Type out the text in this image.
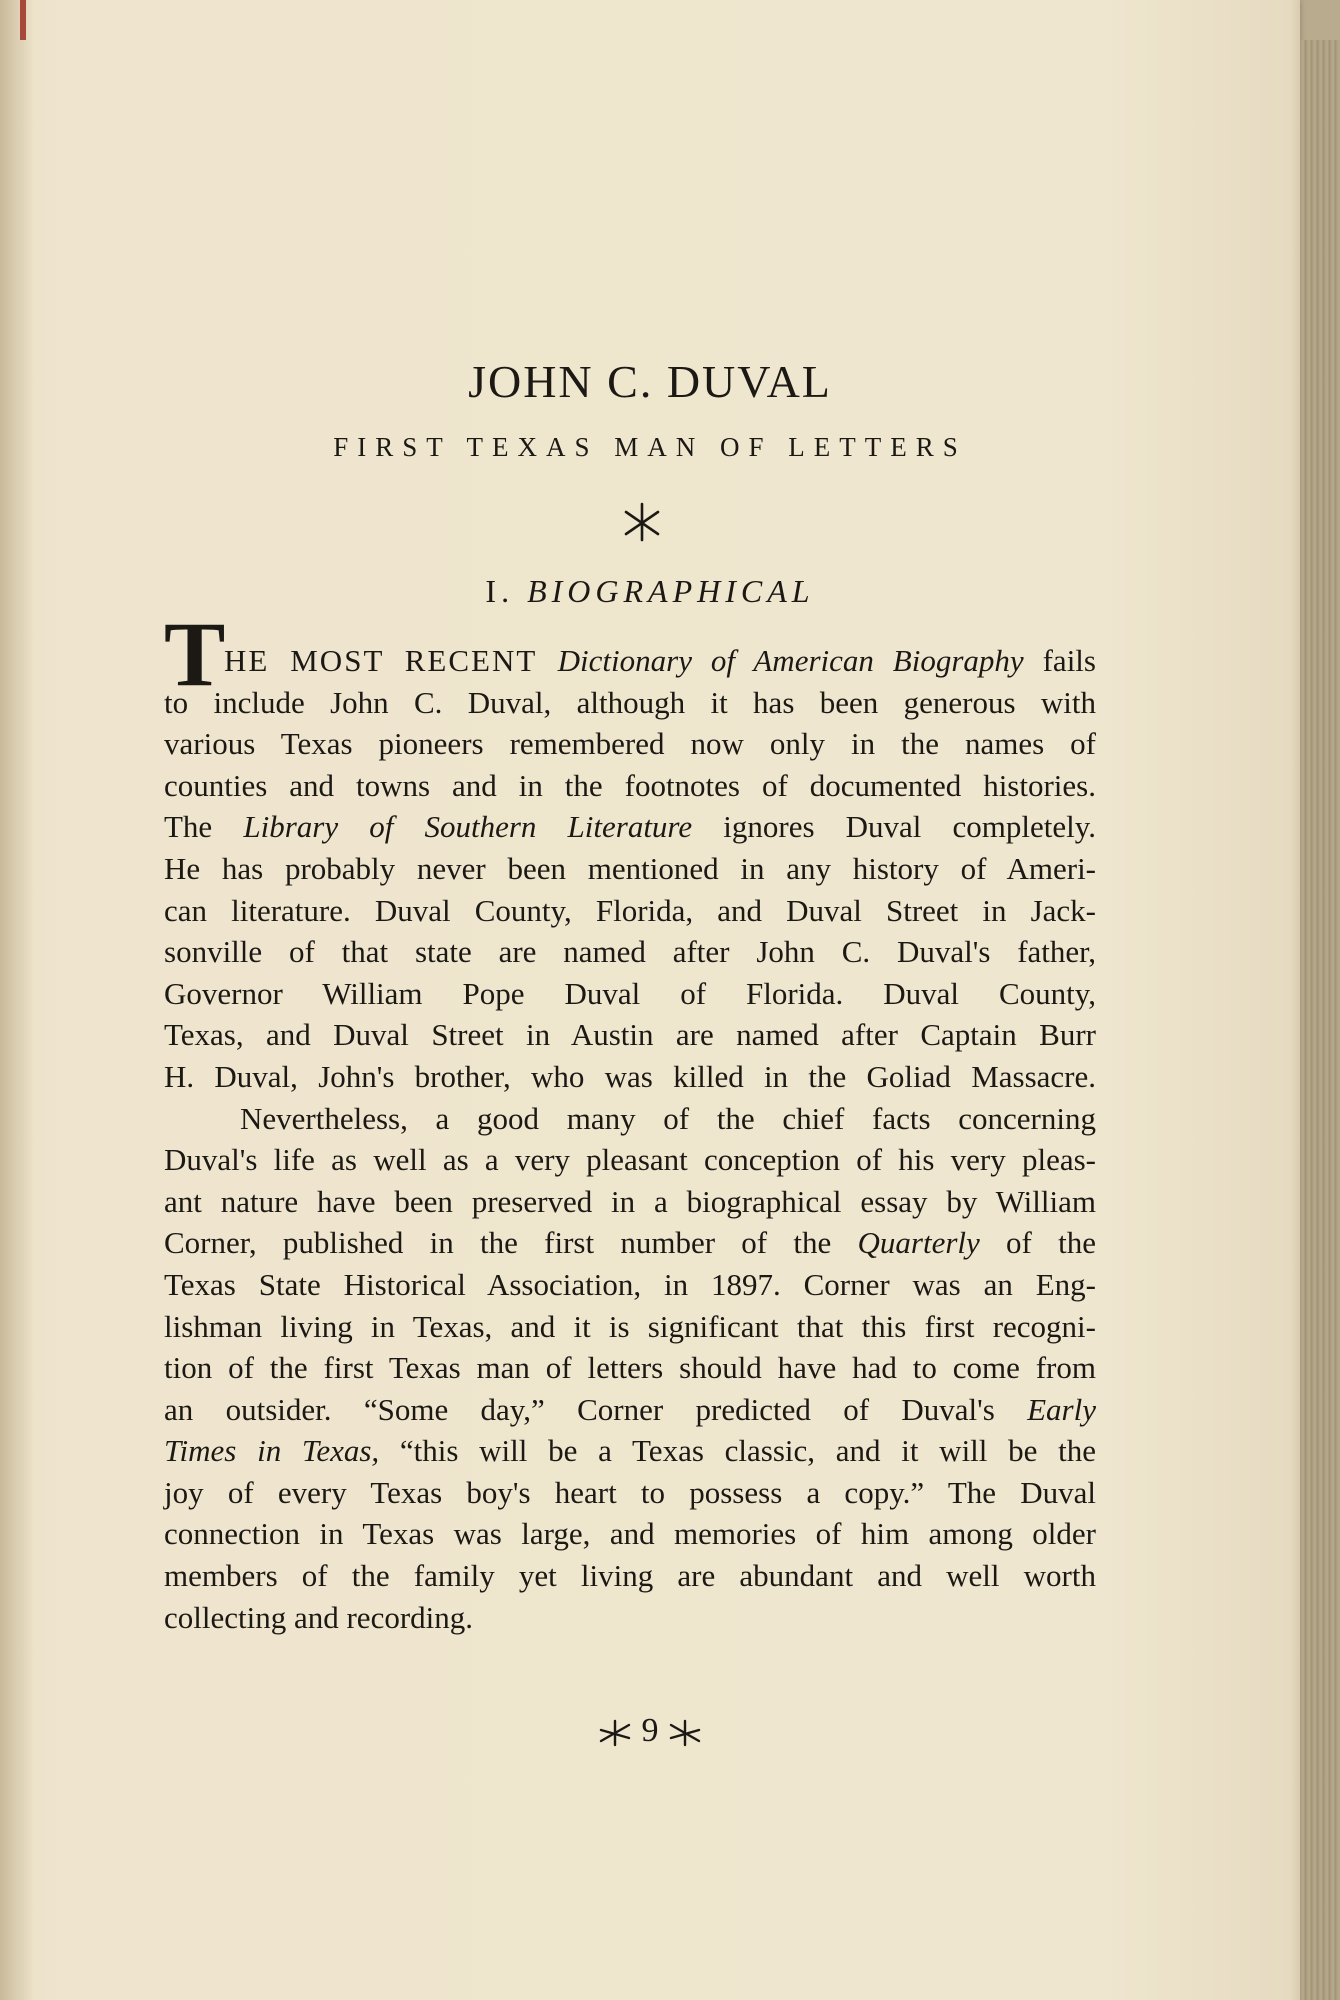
JOHN C. DUVAL
FIRST TEXAS MAN OF LETTERS
I. BIOGRAPHICAL
T
HE MOST RECENT Dictionary of American Biography fails
to include John C. Duval, although it has been generous with
various Texas pioneers remembered now only in the names of
counties and towns and in the footnotes of documented histories.
The Library of Southern Literature ignores Duval completely.
He has probably never been mentioned in any history of Ameri-
can literature. Duval County, Florida, and Duval Street in Jack-
sonville of that state are named after John C. Duval's father,
Governor William Pope Duval of Florida. Duval County,
Texas, and Duval Street in Austin are named after Captain Burr
H. Duval, John's brother, who was killed in the Goliad Massacre.
Nevertheless, a good many of the chief facts concerning
Duval's life as well as a very pleasant conception of his very pleas-
ant nature have been preserved in a biographical essay by William
Corner, published in the first number of the Quarterly of the
Texas State Historical Association, in 1897. Corner was an Eng-
lishman living in Texas, and it is significant that this first recogni-
tion of the first Texas man of letters should have had to come from
an outsider. “Some day,” Corner predicted of Duval's Early
Times in Texas, “this will be a Texas classic, and it will be the
joy of every Texas boy's heart to possess a copy.” The Duval
connection in Texas was large, and memories of him among older
members of the family yet living are abundant and well worth
collecting and recording.
9
